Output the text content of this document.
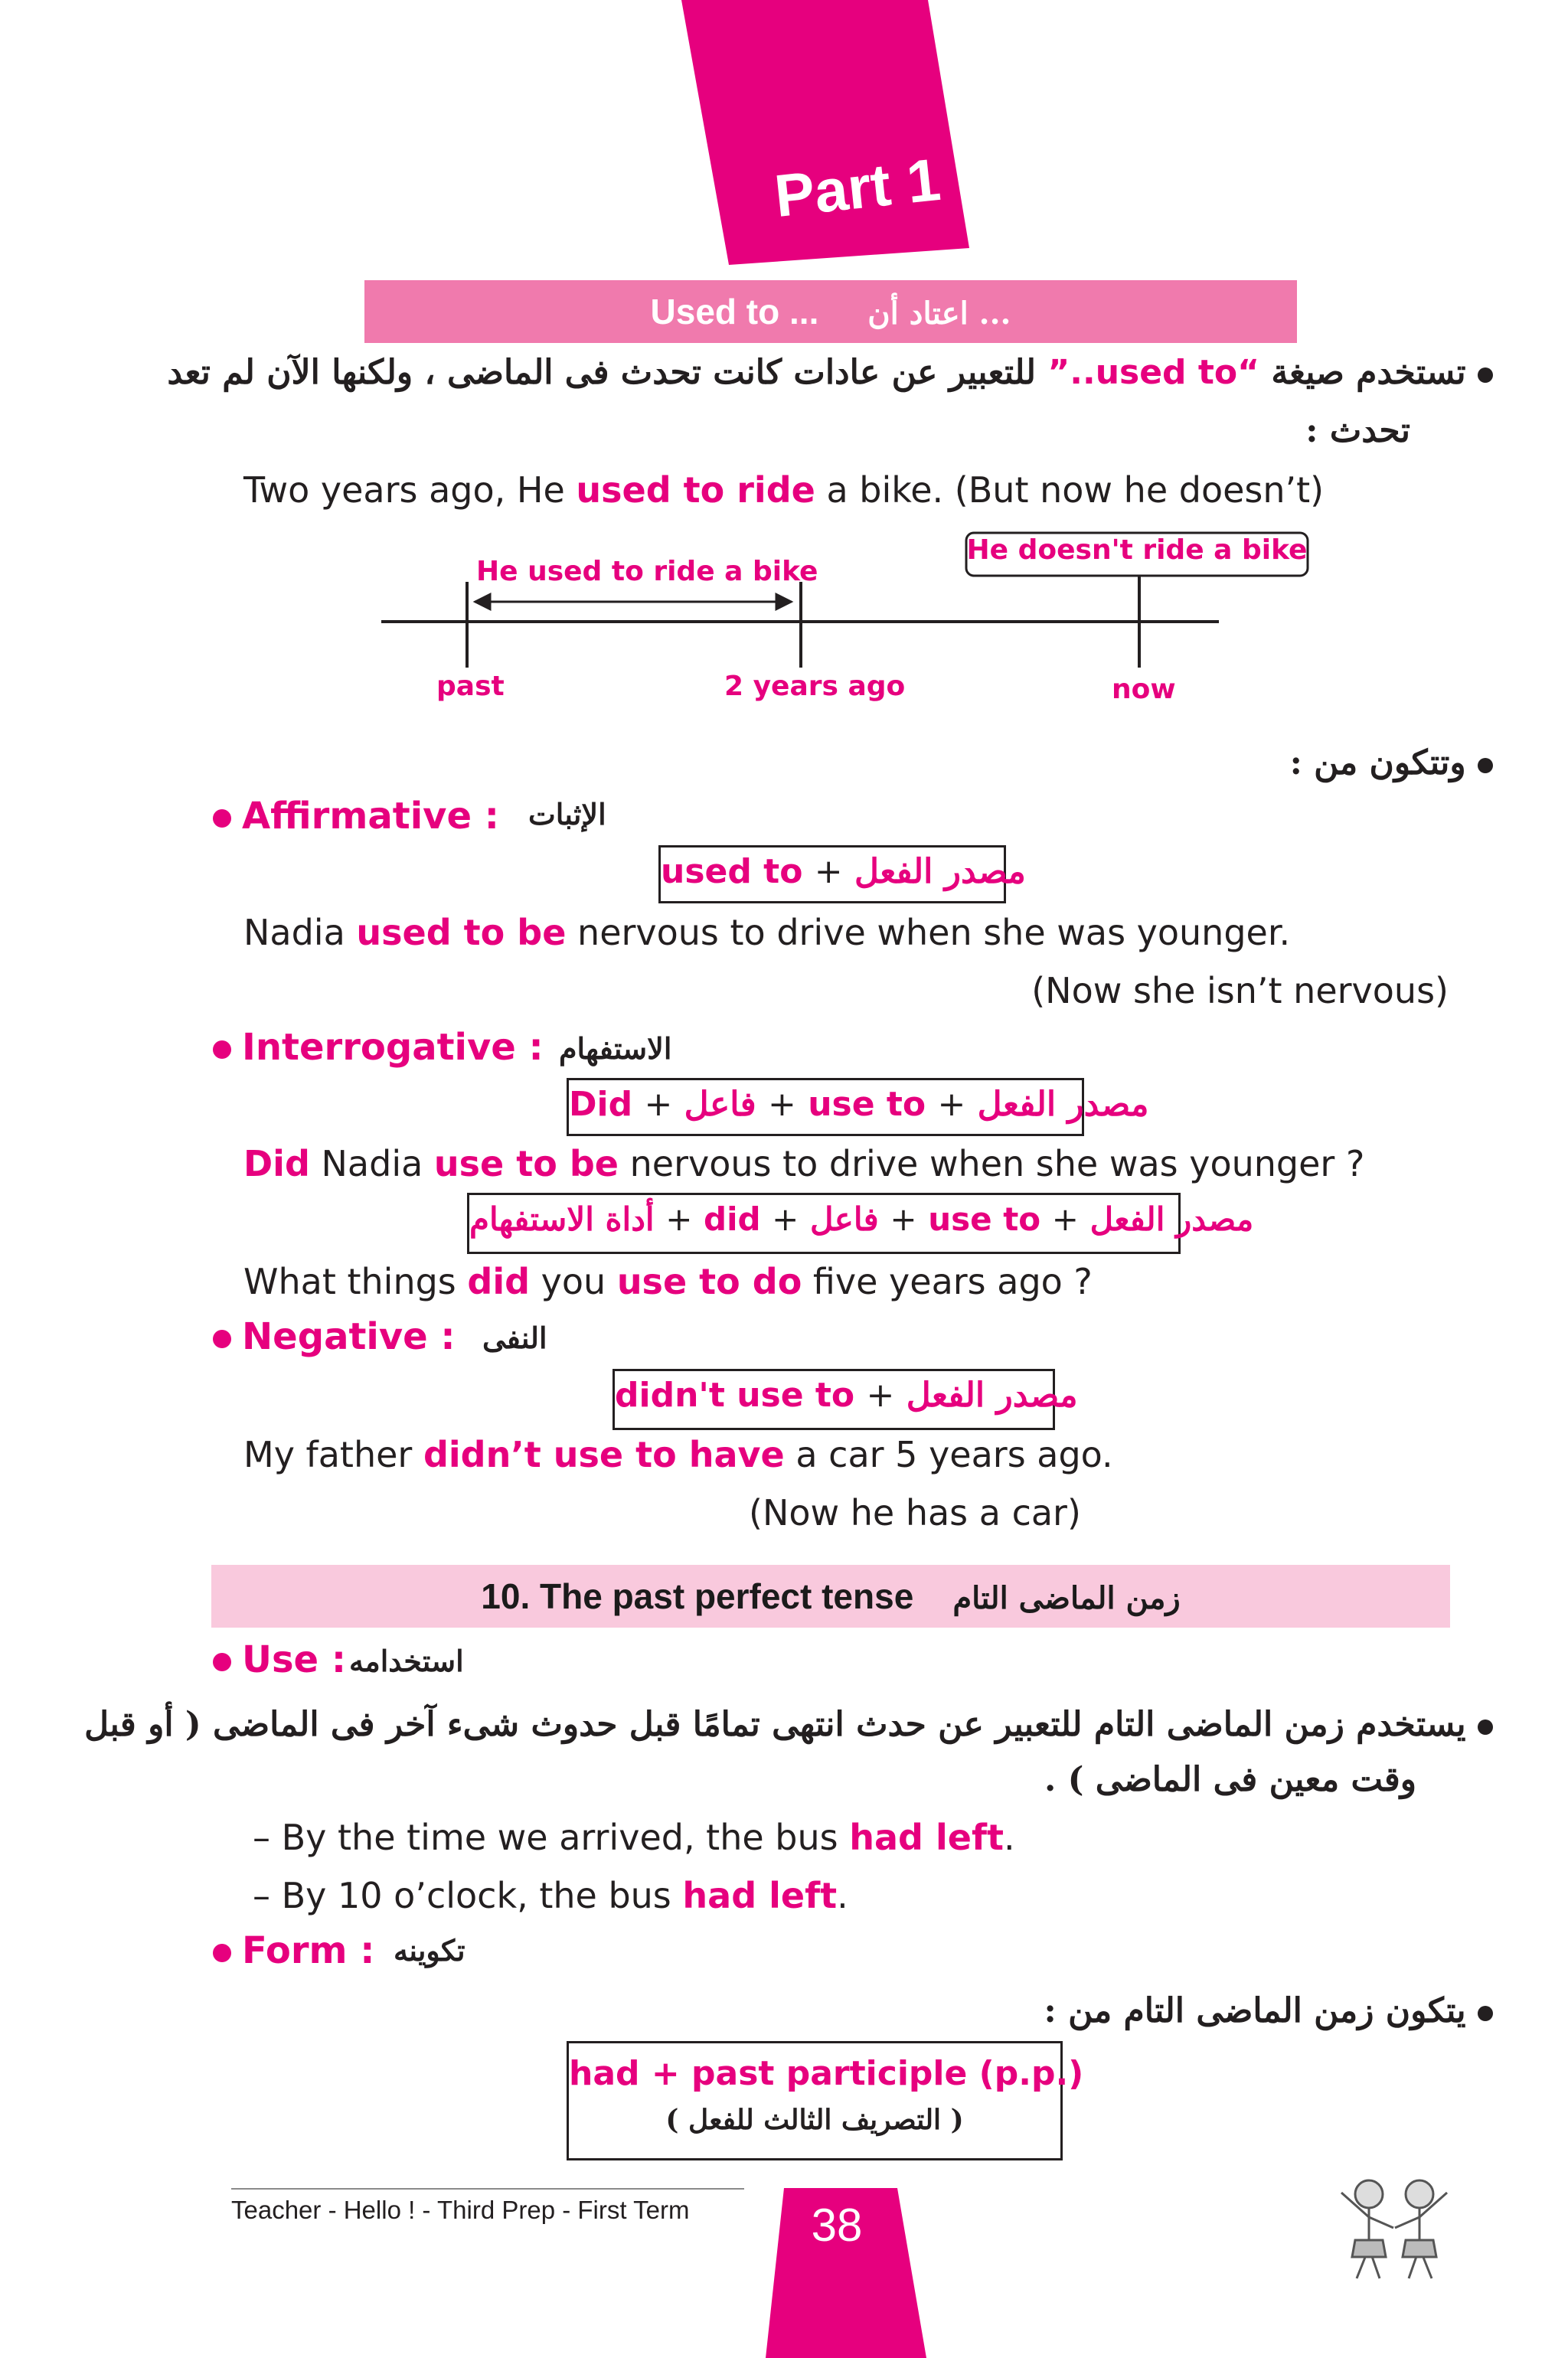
Part 1
Used to ... اعتاد أن ...
تستخدم صيغة “used to..” للتعبير عن عادات كانت تحدث فى الماضى ، ولكنها الآن لم تعد
تحدث :
Two years ago, He used to ride a bike. (But now he doesn’t)
He used to ride a bike
He doesn't ride a bike
past	2 years ago	now
وتتكون من :
Affirmative : الإثبات
used to + مصدر الفعل
Nadia used to be nervous to drive when she was younger.
(Now she isn’t nervous)
Interrogative : الاستفهام
Did + فاعل + use to + مصدر الفعل
Did Nadia use to be nervous to drive when she was younger ?
أداة الاستفهام + did + فاعل + use to + مصدر الفعل
What things did you use to do five years ago ?
Negative : النفى
didn't use to + مصدر الفعل
My father didn’t use to have a car 5 years ago.
(Now he has a car)
10. The past perfect tense زمن الماضى التام
Use : استخدامه
يستخدم زمن الماضى التام للتعبير عن حدث انتهى تمامًا قبل حدوث شىء آخر فى الماضى ( أو قبل
وقت معين فى الماضى ) .
– By the time we arrived, the bus had left.
– By 10 o’clock, the bus had left.
Form : تكوينه
يتكون زمن الماضى التام من :
had + past participle (p.p.)
( التصريف الثالث للفعل )
Teacher - Hello ! - Third Prep - First Term	38
